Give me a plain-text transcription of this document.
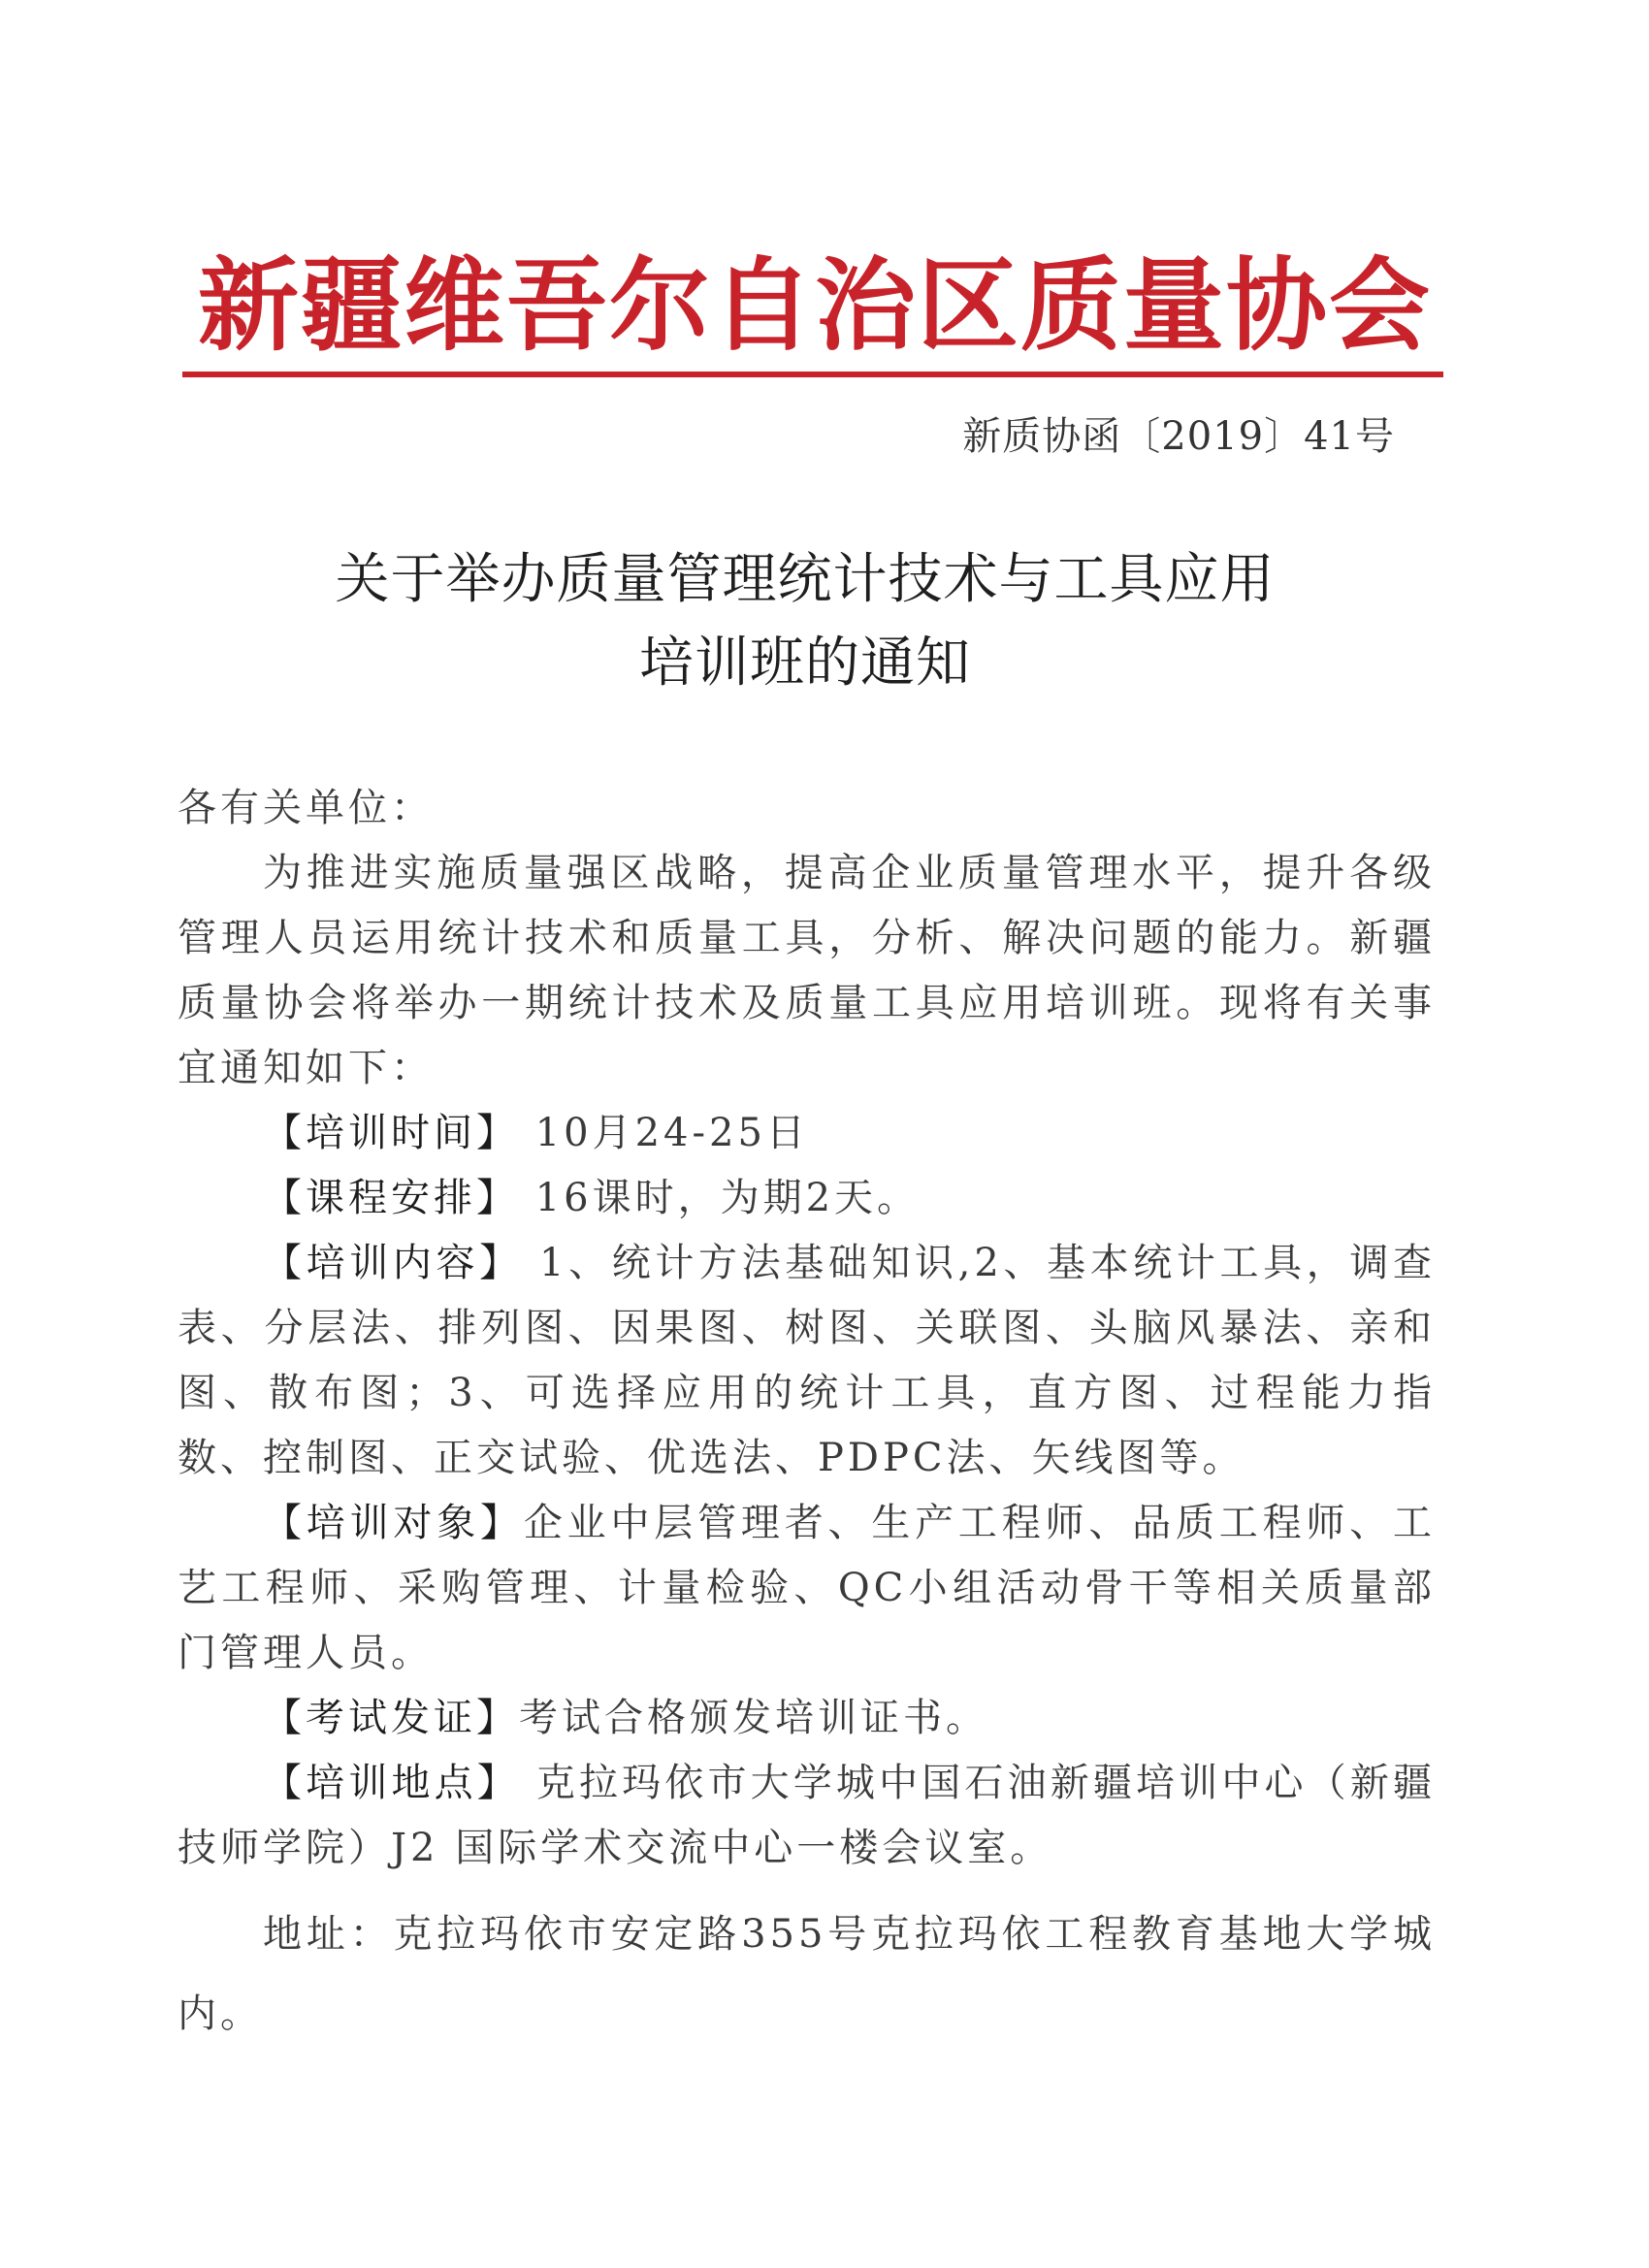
新疆维吾尔自治区质量协会
新质协函〔2019〕41号
关于举办质量管理统计技术与工具应用
培训班的通知

各有关单位：

为推进实施质量强区战略，提高企业质量管理水平，提升各级管理人员运用统计技术和质量工具，分析、解决问题的能力。新疆质量协会将举办一期统计技术及质量工具应用培训班。现将有关事宜通知如下：

【培训时间】 10月24-25日

【课程安排】 16课时，为期2天。

【培训内容】 1、统计方法基础知识,2、基本统计工具，调查表、分层法、排列图、因果图、树图、关联图、头脑风暴法、亲和图、散布图；3、可选择应用的统计工具，直方图、过程能力指数、控制图、正交试验、优选法、PDPC法、矢线图等。

【培训对象】企业中层管理者、生产工程师、品质工程师、工艺工程师、采购管理、计量检验、QC小组活动骨干等相关质量部门管理人员。

【考试发证】考试合格颁发培训证书。

【培训地点】 克拉玛依市大学城中国石油新疆培训中心（新疆技师学院）J2 国际学术交流中心一楼会议室。

地址：克拉玛依市安定路355号克拉玛依工程教育基地大学城内。
